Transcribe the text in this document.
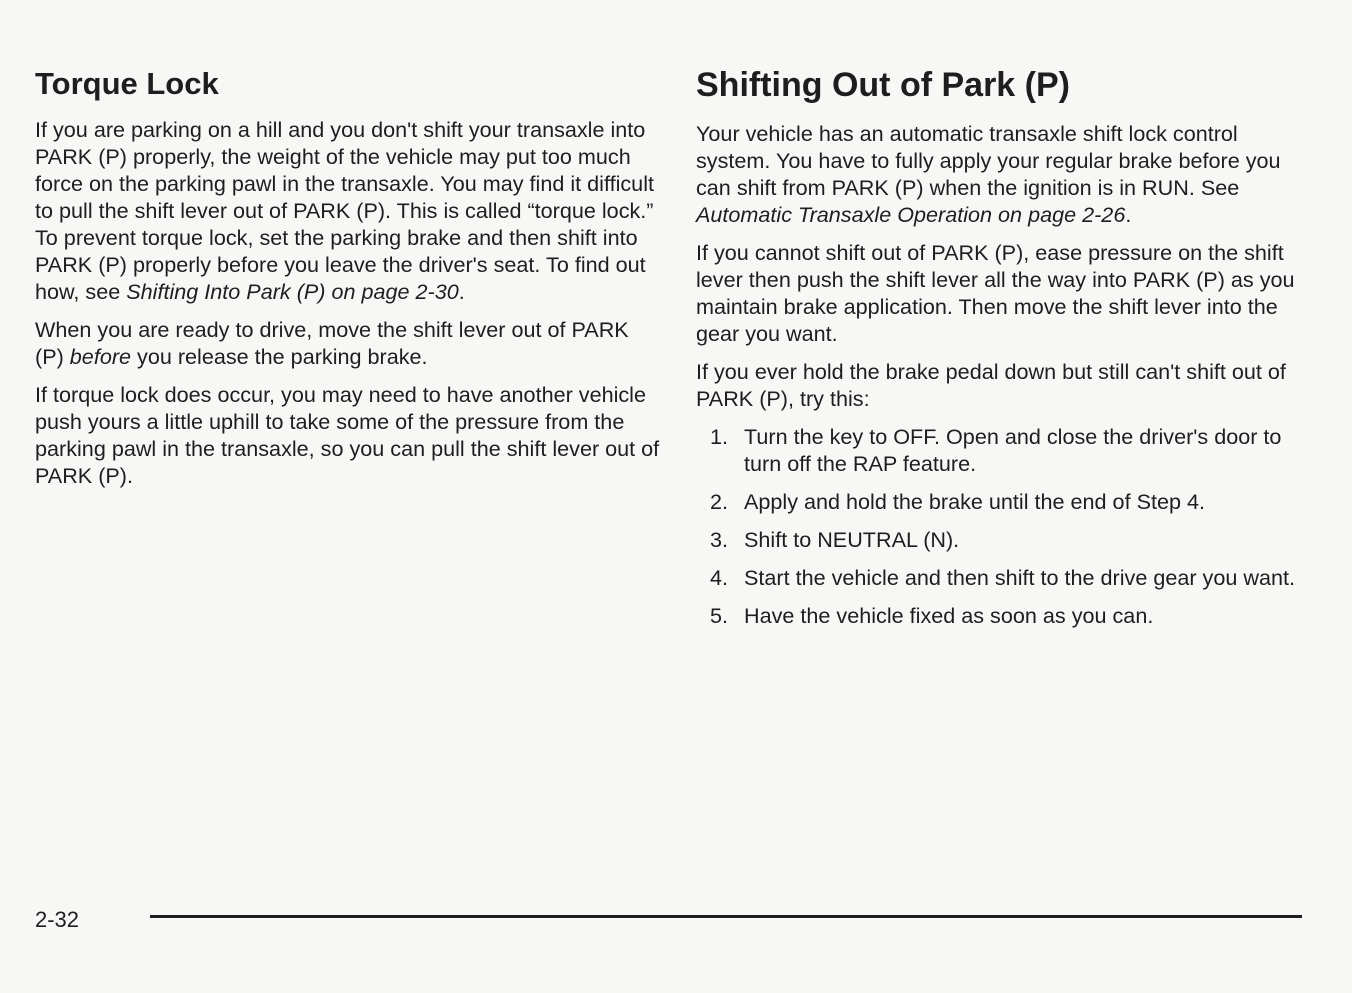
Torque Lock

If you are parking on a hill and you don't shift your transaxle into PARK (P) properly, the weight of the vehicle may put too much force on the parking pawl in the transaxle. You may find it difficult to pull the shift lever out of PARK (P). This is called “torque lock.”

To prevent torque lock, set the parking brake and then shift into PARK (P) properly before you leave the driver's seat. To find out how, see Shifting Into Park (P) on page 2-30.

When you are ready to drive, move the shift lever out of PARK (P) before you release the parking brake.

If torque lock does occur, you may need to have another vehicle push yours a little uphill to take some of the pressure from the parking pawl in the transaxle, so you can pull the shift lever out of PARK (P).

Shifting Out of Park (P)

Your vehicle has an automatic transaxle shift lock control system. You have to fully apply your regular brake before you can shift from PARK (P) when the ignition is in RUN. See Automatic Transaxle Operation on page 2-26.

If you cannot shift out of PARK (P), ease pressure on the shift lever then push the shift lever all the way into PARK (P) as you maintain brake application. Then move the shift lever into the gear you want.

If you ever hold the brake pedal down but still can't shift out of PARK (P), try this:

1. Turn the key to OFF. Open and close the driver's door to turn off the RAP feature.
2. Apply and hold the brake until the end of Step 4.
3. Shift to NEUTRAL (N).
4. Start the vehicle and then shift to the drive gear you want.
5. Have the vehicle fixed as soon as you can.
2-32
